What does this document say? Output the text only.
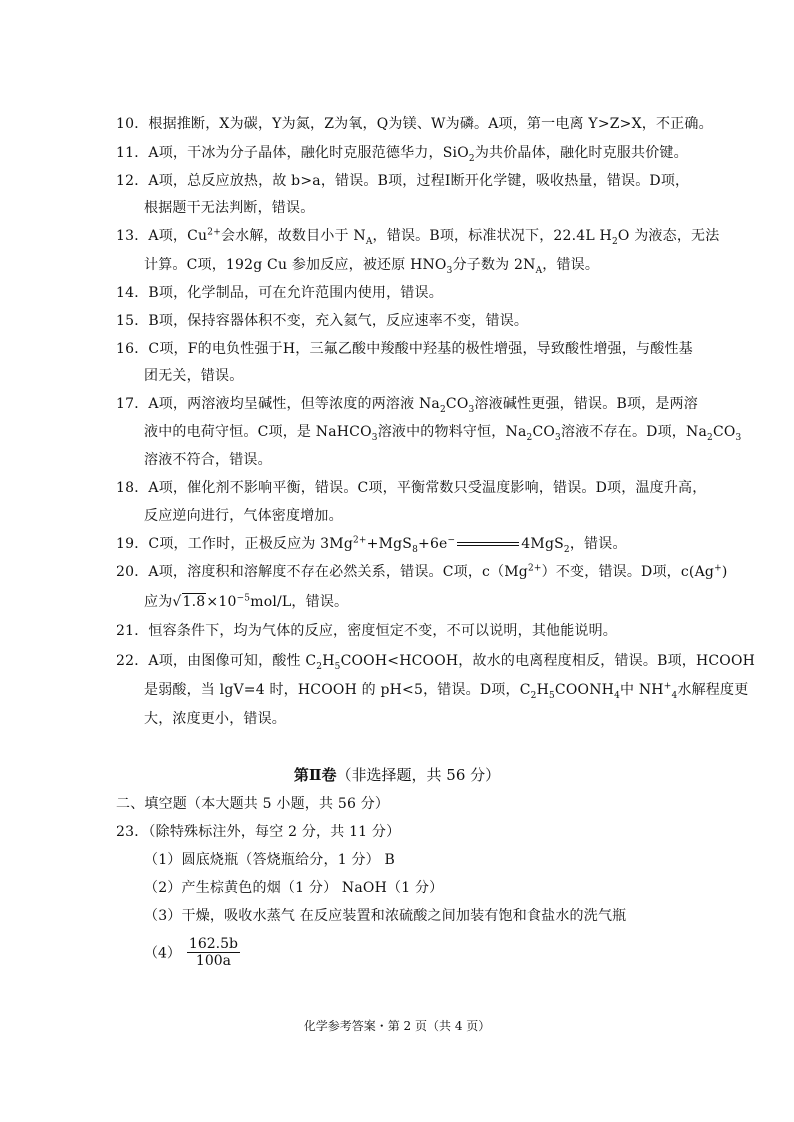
10．根据推断，X为碳，Y为氮，Z为氧，Q为镁、W为磷。A项，第一电离 Y>Z>X，不正确。
11．A项，干冰为分子晶体，融化时克服范德华力，SiO$_2$为共价晶体，融化时克服共价键。
12．A项，总反应放热，故 b>a，错误。B项，过程Ⅰ断开化学键，吸收热量，错误。D项，
根据题干无法判断，错误。
13．A项，$Cu^{2+}$会水解，故数目小于 $N_A$，错误。B项，标准状况下，22.4L $H_2O$ 为液态，无法
计算。C项，192g Cu 参加反应，被还原 $HNO_3$分子数为 $2N_A$，错误。
14．B项，化学制品，可在允许范围内使用，错误。
15．B项，保持容器体积不变，充入氦气，反应速率不变，错误。
16．C项，F的电负性强于H，三氟乙酸中羧酸中羟基的极性增强，导致酸性增强，与酸性基
团无关，错误。
17．A项，两溶液均呈碱性，但等浓度的两溶液 $Na_2CO_3$溶液碱性更强，错误。B项，是两溶
液中的电荷守恒。C项，是 NaHCO$_3$溶液中的物料守恒，$Na_2CO_3$溶液不存在。D项，$Na_2CO_3$
溶液不符合，错误。
18．A项，催化剂不影响平衡，错误。C项，平衡常数只受温度影响，错误。D项，温度升高，
反应逆向进行，气体密度增加。
19．C项，工作时，正极反应为 $3Mg^{2+}+MgS_8+6e^-$	4MgS$_2$，错误。
20．A项，溶度积和溶解度不存在必然关系，错误。C项，$c(Mg^{2+})$不变，错误。D项，c(Ag+)
应为$√1.8\times 10^{-5}mol/L$，错误。
21．恒容条件下，均为气体的反应，密度恒定不变，不可以说明，其他能说明。
22．A项，由图像可知，酸性 $C_2H_5COOH<HCOOH$，故水的电离程度相反，错误。B项，HCOOH
是弱酸，当 lgV=4 时，HCOOH 的 pH<5，错误。D项，$C_2H_5COONH_4$中 $NH^+_4$水解程度更
大，浓度更小，错误。
第Ⅱ卷（非选择题，共 56 分）
二、填空题（本大题共 5 小题，共 56 分）
23．（除特殊标注外，每空 2 分，共 11 分）
（1）圆底烧瓶（答烧瓶给分，1 分） B
（2）产生棕黄色的烟（1 分） NaOH（1 分）
（3）干燥，吸收水蒸气 在反应装置和浓硫酸之间加装有饱和食盐水的洗气瓶
$(4) \frac{162.5b}{100a}$
化学参考答案・第 2 页（共 4 页）
